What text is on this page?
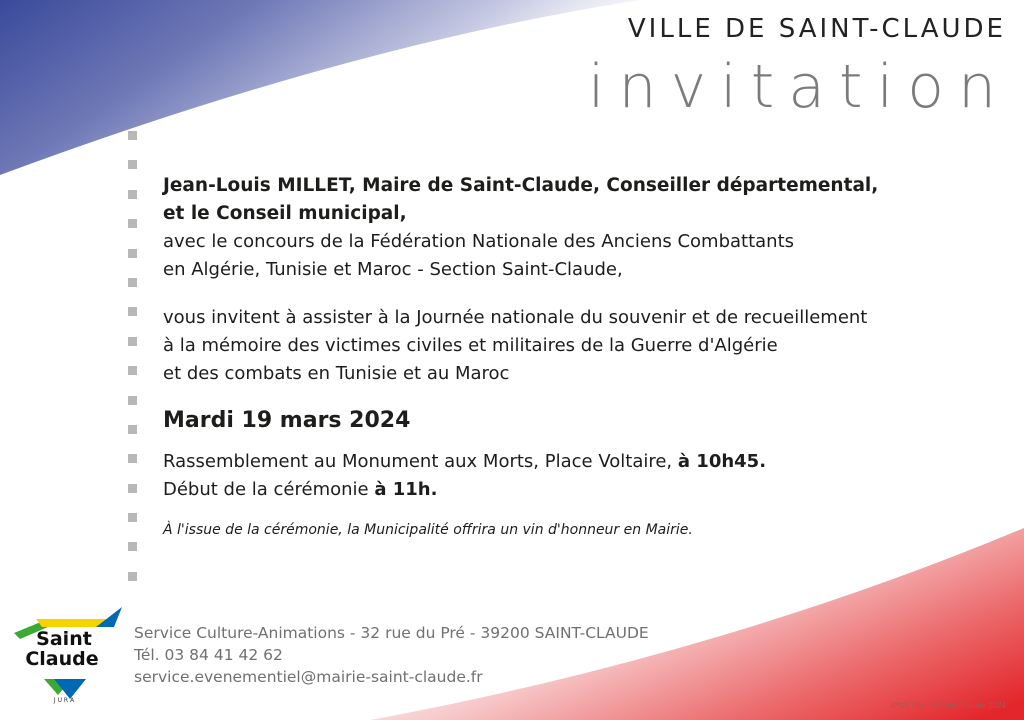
VILLE DE SAINT-CLAUDE
invitation
Jean-Louis MILLET, Maire de Saint-Claude, Conseiller départemental,
et le Conseil municipal,
avec le concours de la Fédération Nationale des Anciens Combattants
en Algérie, Tunisie et Maroc - Section Saint-Claude,
vous invitent à assister à la Journée nationale du souvenir et de recueillement
à la mémoire des victimes civiles et militaires de la Guerre d'Algérie
et des combats en Tunisie et au Maroc
Mardi 19 mars 2024
Rassemblement au Monument aux Morts, Place Voltaire, à 10h45.
Début de la cérémonie à 11h.
À l'issue de la cérémonie, la Municipalité offrira un vin d'honneur en Mairie.
Saint
Claude
J U R A
Service Culture-Animations - 32 rue du Pré - 39200 SAINT-CLAUDE
Tél. 03 84 41 42 62
service.evenementiel@mairie-saint-claude.fr
IPNS Ville de Saint-Claude 2024
